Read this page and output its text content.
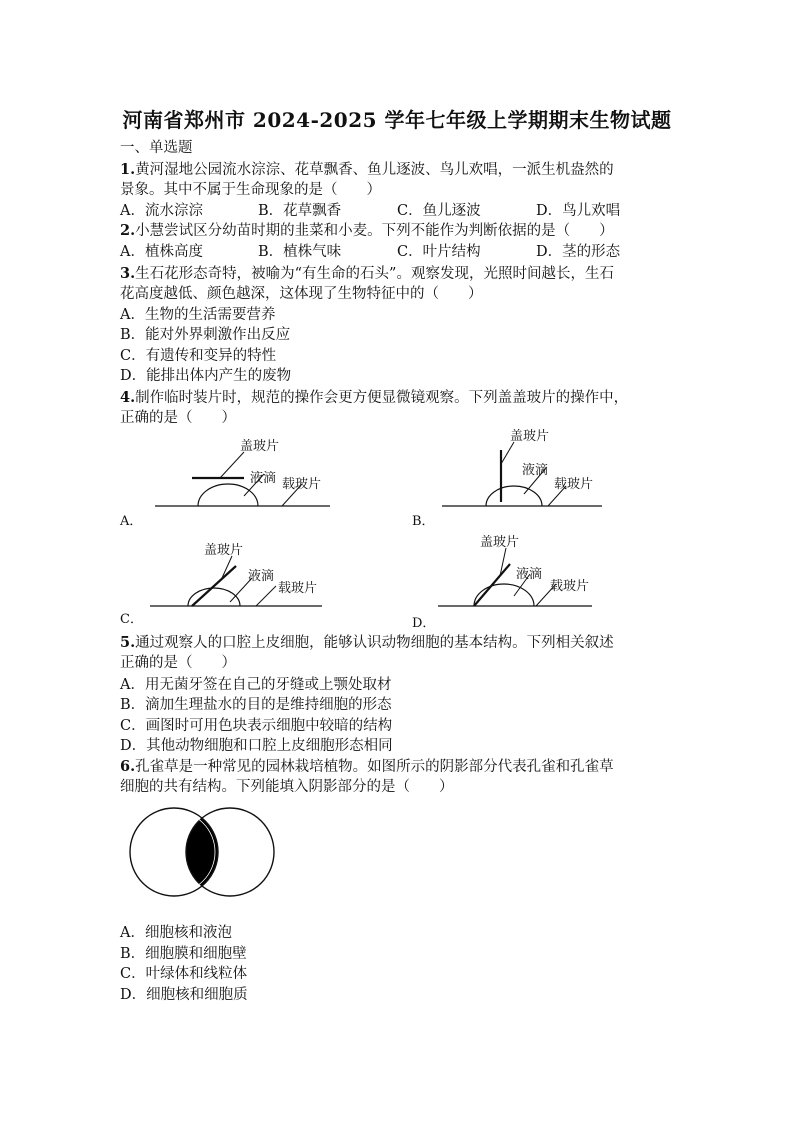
河南省郑州市 2024-2025 学年七年级上学期期末生物试题
一、单选题
1.黄河湿地公园流水淙淙、花草飘香、鱼儿逐波、鸟儿欢唱，一派生机盎然的
景象。其中不属于生命现象的是（　　）
A．流水淙淙	B．花草飘香	C．鱼儿逐波	D．鸟儿欢唱
2.小慧尝试区分幼苗时期的韭菜和小麦。下列不能作为判断依据的是（　　）
A．植株高度	B．植株气味	C．叶片结构	D．茎的形态
3.生石花形态奇特，被喻为“有生命的石头”。观察发现，光照时间越长，生石
花高度越低、颜色越深，这体现了生物特征中的（　　）
A．生物的生活需要营养
B．能对外界刺激作出反应
C．有遗传和变异的特性
D．能排出体内产生的废物
4.制作临时装片时，规范的操作会更方便显微镜观察。下列盖盖玻片的操作中，
正确的是（　　）
盖玻片
液滴 载玻片
A．
盖玻片
液滴
载玻片
B．
盖玻片
液滴
载玻片
C．
盖玻片
液滴
载玻片
D．
5.通过观察人的口腔上皮细胞，能够认识动物细胞的基本结构。下列相关叙述
正确的是（　　）
A．用无菌牙签在自己的牙缝或上颚处取材
B．滴加生理盐水的目的是维持细胞的形态
C．画图时可用色块表示细胞中较暗的结构
D．其他动物细胞和口腔上皮细胞形态相同
6.孔雀草是一种常见的园林栽培植物。如图所示的阴影部分代表孔雀和孔雀草
细胞的共有结构。下列能填入阴影部分的是（　　）
A．细胞核和液泡
B．细胞膜和细胞壁
C．叶绿体和线粒体
D．细胞核和细胞质
